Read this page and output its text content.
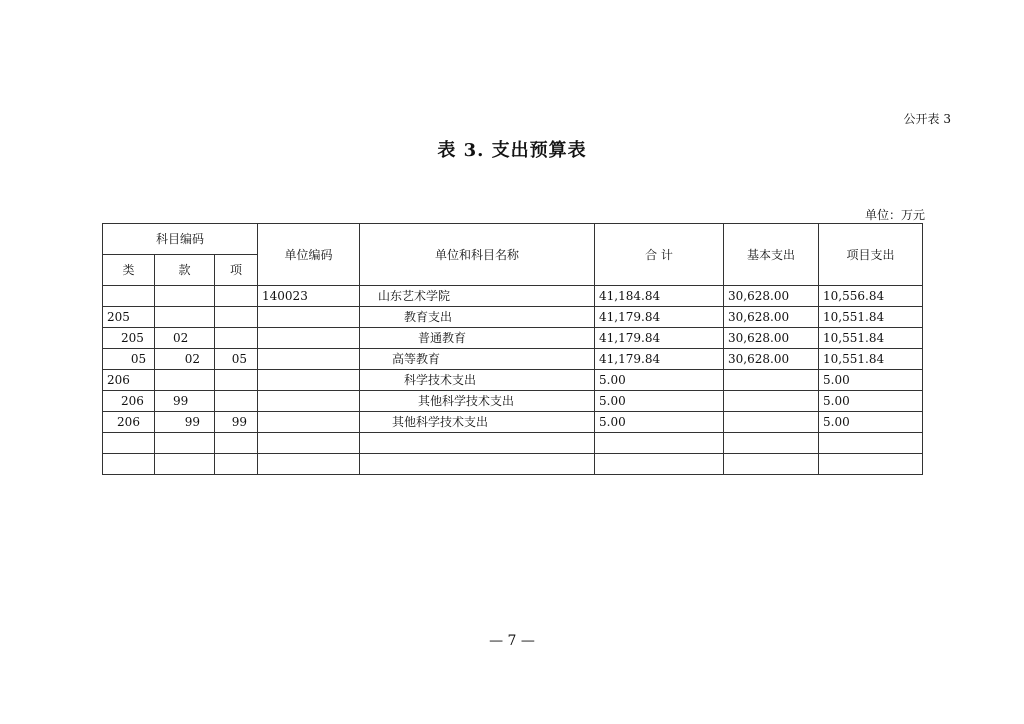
公开表 3
表 3. 支出预算表
单位：万元
科目编码			单位编码	单位和科目名称	合 计	基本支出	项目支出
类	款	项					
			140023	山东艺术学院	41,184.84	30,628.00	10,556.84
205				教育支出	41,179.84	30,628.00	10,551.84
205	02			普通教育	41,179.84	30,628.00	10,551.84
05	02	05		高等教育	41,179.84	30,628.00	10,551.84
206				科学技术支出	5.00		5.00
206	99			其他科学技术支出	5.00		5.00
206	99	99		其他科学技术支出	5.00		5.00

— 7 —
